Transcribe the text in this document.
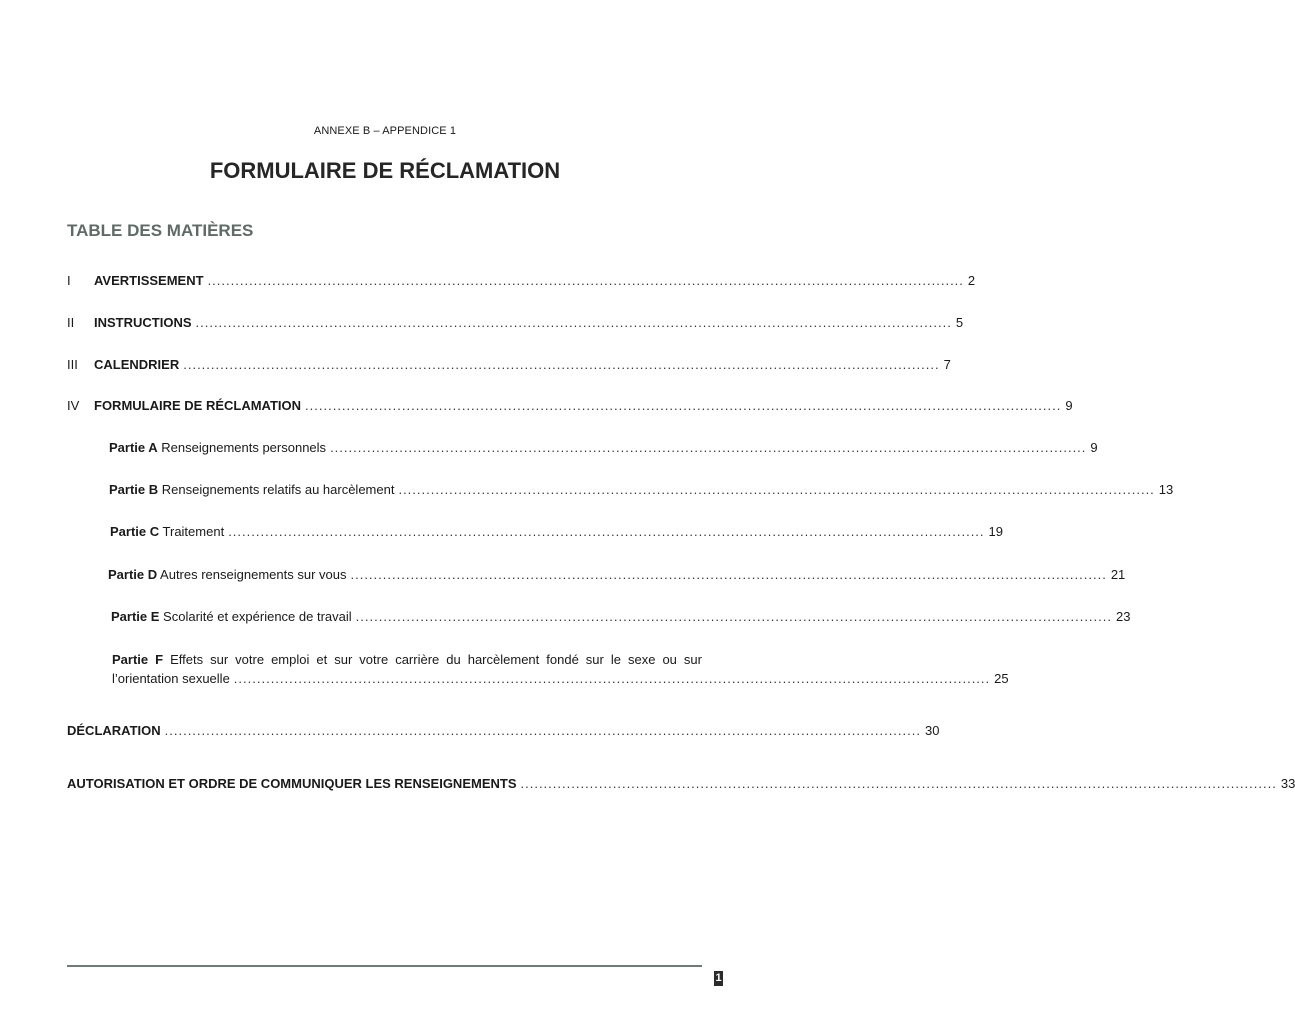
ANNEXE B – APPENDICE 1
FORMULAIRE DE RÉCLAMATION
TABLE DES MATIÈRES
I	AVERTISSEMENT .................................................................................................................................................................... 2
II	INSTRUCTIONS .................................................................................................................................................................... 5
III	CALENDRIER .................................................................................................................................................................... 7
IV	FORMULAIRE DE RÉCLAMATION .................................................................................................................................................................... 9
Partie A Renseignements personnels .................................................................................................................................................................... 9
Partie B Renseignements relatifs au harcèlement .................................................................................................................................................................... 13
Partie C Traitement .................................................................................................................................................................... 19
Partie D Autres renseignements sur vous .................................................................................................................................................................... 21
Partie E Scolarité et expérience de travail .................................................................................................................................................................... 23
Partie F Effets sur votre emploi et sur votre carrière du harcèlement fondé sur le sexe ou sur
l’orientation sexuelle .................................................................................................................................................................... 25
DÉCLARATION .................................................................................................................................................................... 30
AUTORISATION ET ORDRE DE COMMUNIQUER LES RENSEIGNEMENTS .................................................................................................................................................................... 33
1
